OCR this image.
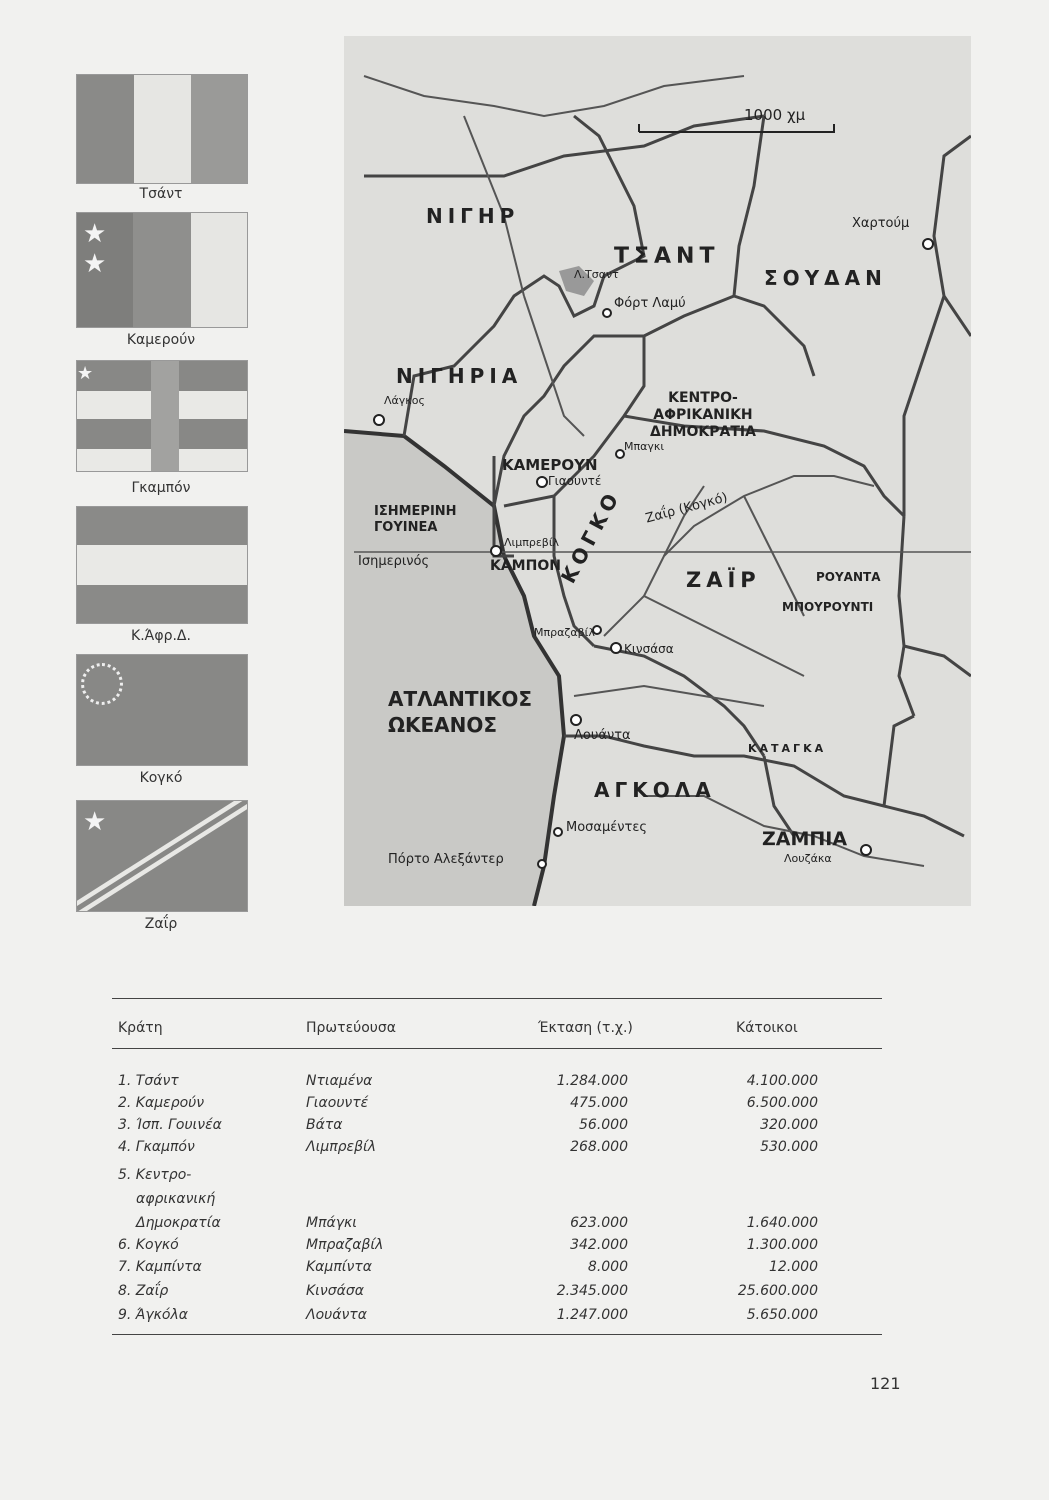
Τσάντ
★
★
Καμερούν
★
Γκαμπόν
Κ.Άφρ.Δ.
Κογκό
★
Ζαΐρ
1000 χμ
ΝΙΓΗΡ
ΤΣΑΝΤ
ΣΟΥΔΑΝ
ΝΙΓΗΡΙΑ
ΚΕΝΤΡΟ-
ΑΦΡΙΚΑΝΙΚΗ
ΔΗΜΟΚΡΑΤΙΑ
ΚΑΜΕΡΟΥΝ
ΙΣΗΜΕΡΙΝΗ
ΓΟΥΙΝΕΑ
ΚΑΜΠΟΝ
ΚΟΓΚΟ	ΖΑΪΡ	ΡΟΥΑΝΤΑ
ΜΠΟΥΡΟΥΝΤΙ
ΚΑΤΑΓΚΑ
ΑΓΚΟΛΑ
ΖΑΜΠΙΑ
ΑΤΛΑΝΤΙΚΟΣ
ΩΚΕΑΝΟΣ
Ισημερινός
Ζαΐρ (Κογκό)
Χαρτούμ
Λ.Τσαντ
Φόρτ Λαμύ
Λάγκος
Μπαγκι
Γιαουντέ
Λιμπρεβίλ
Μπραζαβίλ
Κινσάσα
Λουάντα
Μοσαμέντες
Πόρτο Αλεξάντερ	Λουζάκα
Κράτη	Πρωτεύουσα	Έκταση (τ.χ.)	Κάτοικοι
1. Τσάντ	Ντιαμένα	1.284.000	4.100.000
2. Καμερούν	Γιαουντέ	475.000	6.500.000
3. Ίσπ. Γουινέα	Βάτα	56.000	320.000
4. Γκαμπόν	Λιμπρεβίλ	268.000	530.000
5. Κεντρο-
αφρικανική
Δημοκρατία	Μπάγκι	623.000	1.640.000
6. Κογκό	Μπραζαβίλ	342.000	1.300.000
7. Καμπίντα	Καμπίντα	8.000	12.000
8. Ζαΐρ	Κινσάσα	2.345.000	25.600.000
9. Άγκόλα	Λουάντα	1.247.000	5.650.000
121
